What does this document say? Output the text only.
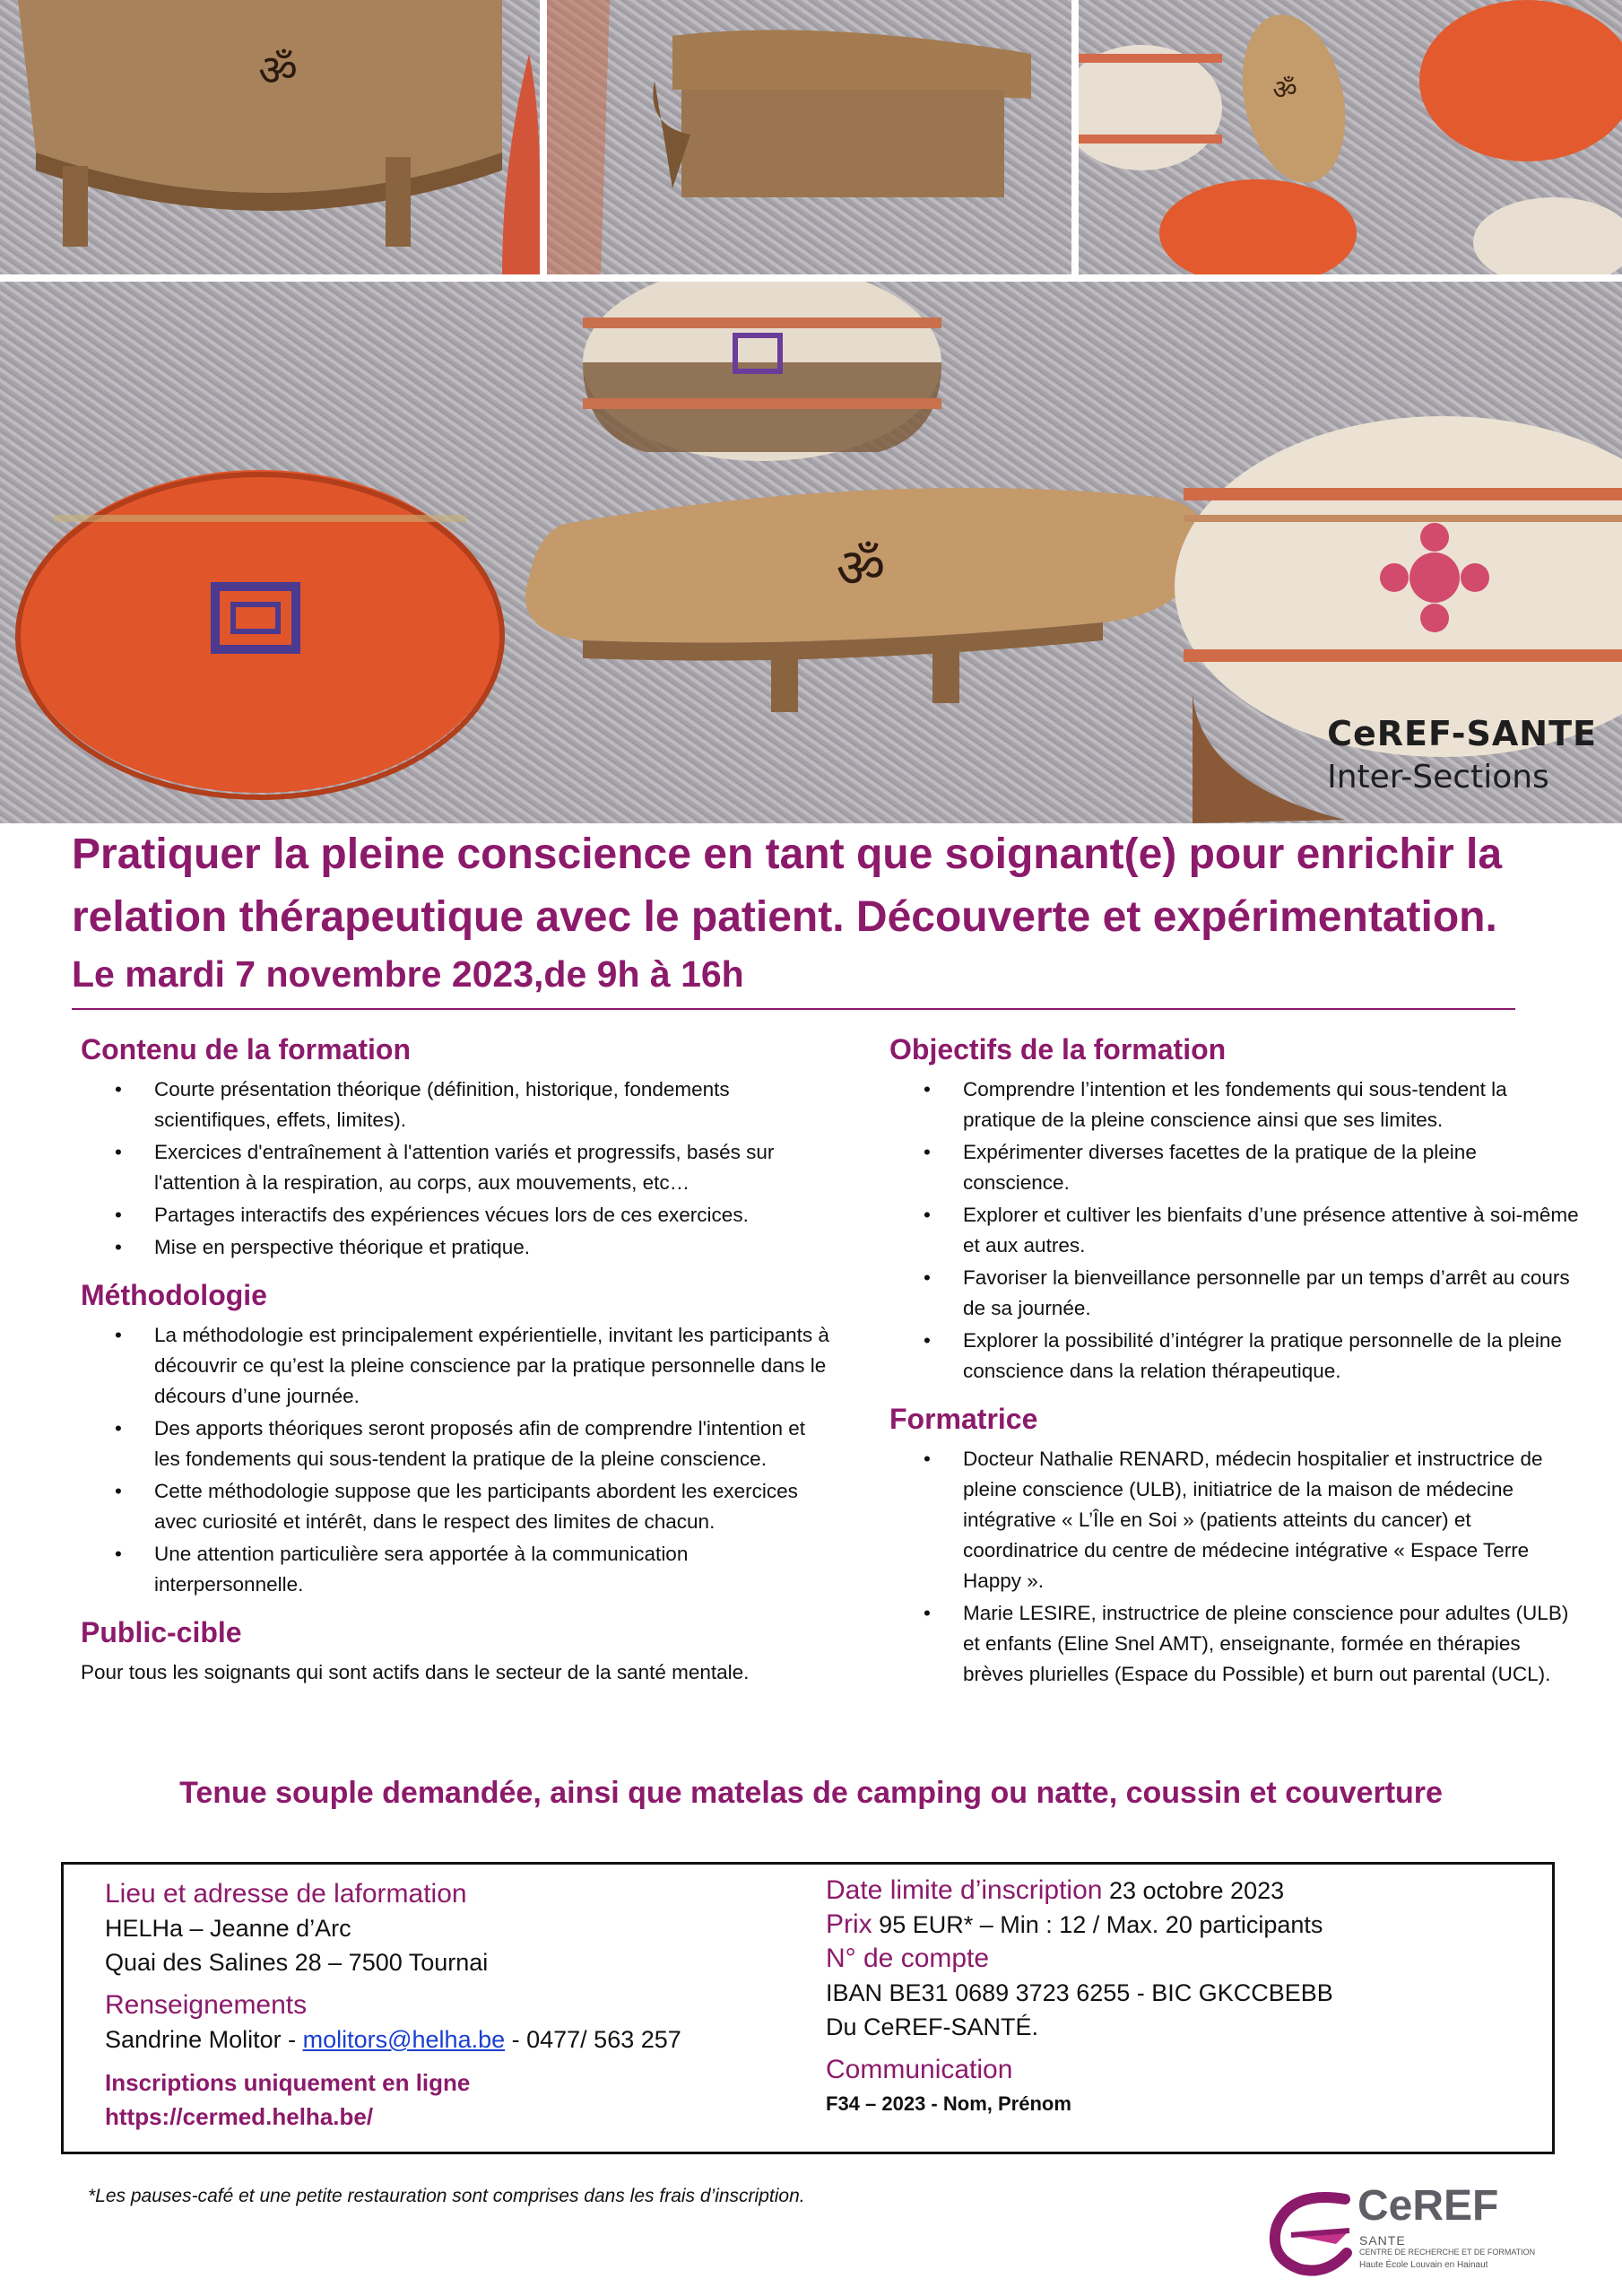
ॐ	ॐ
ॐ
CeREF-SANTE
Inter-Sections
Pratiquer la pleine conscience en tant que soignant(e) pour enrichir la
relation thérapeutique avec le patient. Découverte et expérimentation.
Le mardi 7 novembre 2023,de 9h à 16h
Contenu de la formation
• Courte présentation théorique (définition, historique, fondements scientifiques, effets, limites).
• Exercices d'entraînement à l'attention variés et progressifs, basés sur l'attention à la respiration, au corps, aux mouvements, etc…
• Partages interactifs des expériences vécues lors de ces exercices.
• Mise en perspective théorique et pratique.
Méthodologie
• La méthodologie est principalement expérientielle, invitant les participants à découvrir ce qu’est la pleine conscience par la pratique personnelle dans le décours d’une journée.
• Des apports théoriques seront proposés afin de comprendre l'intention et les fondements qui sous-tendent la pratique de la pleine conscience.
• Cette méthodologie suppose que les participants abordent les exercices avec curiosité et intérêt, dans le respect des limites de chacun.
• Une attention particulière sera apportée à la communication interpersonnelle.
Public-cible

Pour tous les soignants qui sont actifs dans le secteur de la santé mentale.

Objectifs de la formation
• Comprendre l’intention et les fondements qui sous-tendent la pratique de la pleine conscience ainsi que ses limites.
• Expérimenter diverses facettes de la pratique de la pleine conscience.
• Explorer et cultiver les bienfaits d’une présence attentive à soi-même et aux autres.
• Favoriser la bienveillance personnelle par un temps d’arrêt au cours de sa journée.
• Explorer la possibilité d’intégrer la pratique personnelle de la pleine conscience dans la relation thérapeutique.
Formatrice
• Docteur Nathalie RENARD, médecin hospitalier et instructrice de pleine conscience (ULB), initiatrice de la maison de médecine intégrative « L’Île en Soi » (patients atteints du cancer) et coordinatrice du centre de médecine intégrative « Espace Terre Happy ».
• Marie LESIRE, instructrice de pleine conscience pour adultes (ULB) et enfants (Eline Snel AMT), enseignante, formée en thérapies brèves plurielles (Espace du Possible) et burn out parental (UCL).
Tenue souple demandée, ainsi que matelas de camping ou natte, coussin et couverture
Lieu et adresse de laformation
HELHa – Jeanne d’Arc
Quai des Salines 28 – 7500 Tournai
Renseignements
Sandrine Molitor - molitors@helha.be - 0477/ 563 257
Inscriptions uniquement en ligne
https://cermed.helha.be/
Date limite d’inscription 23 octobre 2023
Prix 95 EUR* – Min : 12 / Max. 20 participants
N° de compte
IBAN BE31 0689 3723 6255 - BIC GKCCBEBB
Du CeREF-SANTÉ.
Communication
F34 – 2023 - Nom, Prénom
*Les pauses-café et une petite restauration sont comprises dans les frais d’inscription.	CeREF
SANTE
CENTRE DE RECHERCHE ET DE FORMATION
Haute École Louvain en Hainaut
